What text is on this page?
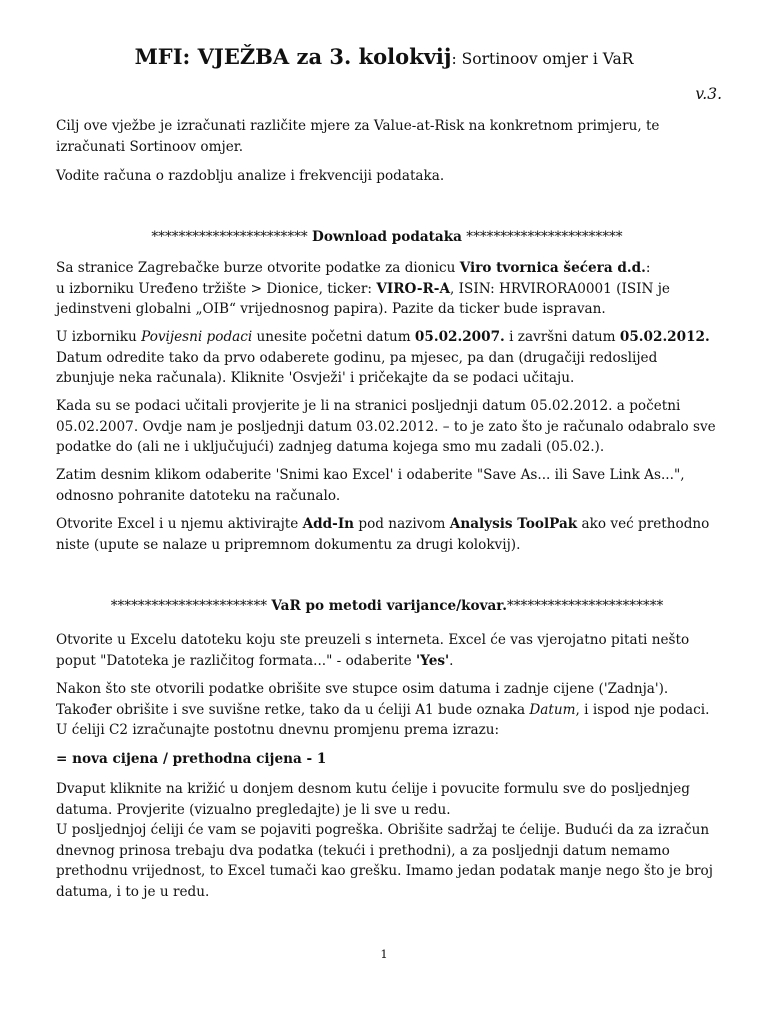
MFI: VJEŽBA za 3. kolokvij: Sortinoov omjer i VaR
v.3.

Cilj ove vježbe je izračunati različite mjere za Value-at-Risk na konkretnom primjeru, te izračunati Sortinoov omjer.

Vodite računa o razdoblju analize i frekvenciji podataka.

*********************** Download podataka ***********************

Sa stranice Zagrebačke burze otvorite podatke za dionicu Viro tvornica šećera d.d.:
u izborniku Uređeno tržište > Dionice, ticker: VIRO-R-A, ISIN: HRVIRORA0001 (ISIN je jedinstveni globalni „OIB“ vrijednosnog papira). Pazite da ticker bude ispravan.

U izborniku Povijesni podaci unesite početni datum 05.02.2007. i završni datum 05.02.2012. Datum odredite tako da prvo odaberete godinu, pa mjesec, pa dan (drugačiji redoslijed zbunjuje neka računala). Kliknite 'Osvježi' i pričekajte da se podaci učitaju.

Kada su se podaci učitali provjerite je li na stranici posljednji datum 05.02.2012. a početni 05.02.2007. Ovdje nam je posljednji datum 03.02.2012. – to je zato što je računalo odabralo sve podatke do (ali ne i uključujući) zadnjeg datuma kojega smo mu zadali (05.02.).

Zatim desnim klikom odaberite 'Snimi kao Excel' i odaberite "Save As... ili Save Link As...", odnosno pohranite datoteku na računalo.

Otvorite Excel i u njemu aktivirajte Add-In pod nazivom Analysis ToolPak ako već prethodno niste (upute se nalaze u pripremnom dokumentu za drugi kolokvij).

*********************** VaR po metodi varijance/kovar.***********************

Otvorite u Excelu datoteku koju ste preuzeli s interneta. Excel će vas vjerojatno pitati nešto poput "Datoteka je različitog formata..." - odaberite 'Yes'.

Nakon što ste otvorili podatke obrišite sve stupce osim datuma i zadnje cijene ('Zadnja'). Također obrišite i sve suvišne retke, tako da u ćeliji A1 bude oznaka Datum, i ispod nje podaci. U ćeliji C2 izračunajte postotnu dnevnu promjenu prema izrazu:

= nova cijena / prethodna cijena - 1

Dvaput kliknite na križić u donjem desnom kutu ćelije i povucite formulu sve do posljednjeg datuma. Provjerite (vizualno pregledajte) je li sve u redu.

U posljednjoj ćeliji će vam se pojaviti pogreška. Obrišite sadržaj te ćelije. Budući da za izračun dnevnog prinosa trebaju dva podatka (tekući i prethodni), a za posljednji datum nemamo prethodnu vrijednost, to Excel tumači kao grešku. Imamo jedan podatak manje nego što je broj datuma, i to je u redu.

1
